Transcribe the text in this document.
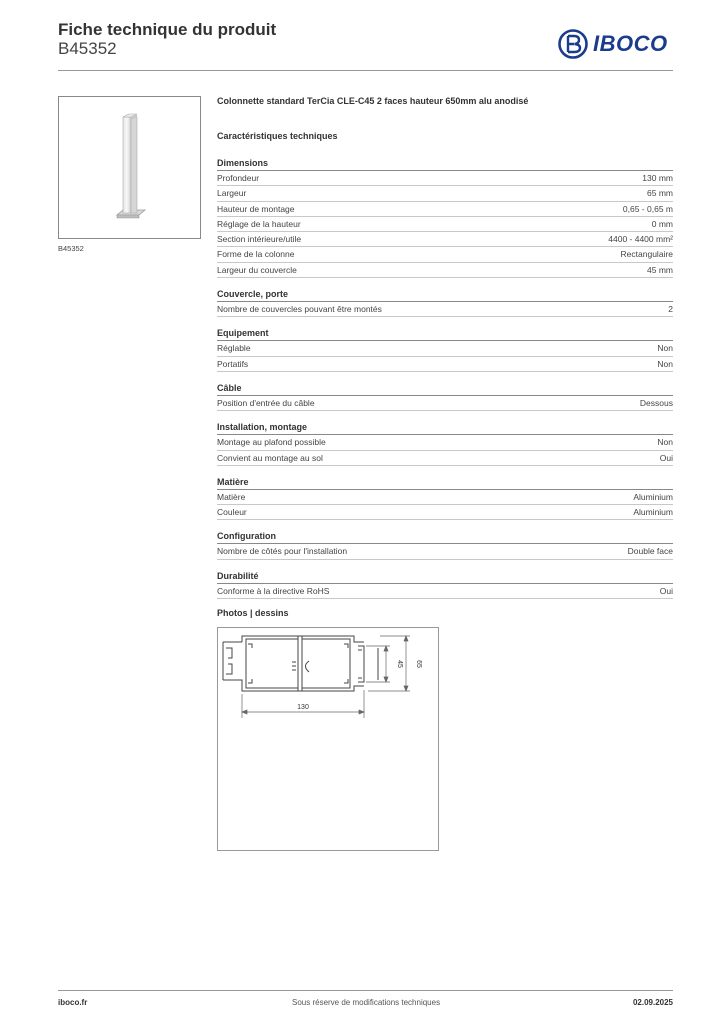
Fiche technique du produit
B45352	IBOCO
B45352
Colonnette standard TerCia CLE-C45 2 faces hauteur 650mm alu anodisé
Caractéristiques techniques
Dimensions
Profondeur	130 mm
Largeur	65 mm
Hauteur de montage	0,65 - 0,65 m
Réglage de la hauteur	0 mm
Section intérieure/utile	4400 - 4400 mm²
Forme de la colonne	Rectangulaire
Largeur du couvercle	45 mm
Couvercle, porte
Nombre de couvercles pouvant être montés	2
Equipement
Réglable	Non
Portatifs	Non
Câble
Position d'entrée du câble	Dessous
Installation, montage
Montage au plafond possible	Non
Convient au montage au sol	Oui
Matière
Matière	Aluminium
Couleur	Aluminium
Configuration
Nombre de côtés pour l'installation	Double face
Durabilité
Conforme à la directive RoHS	Oui
Photos | dessins
130
45 65
iboco.fr	Sous réserve de modifications techniques	02.09.2025
